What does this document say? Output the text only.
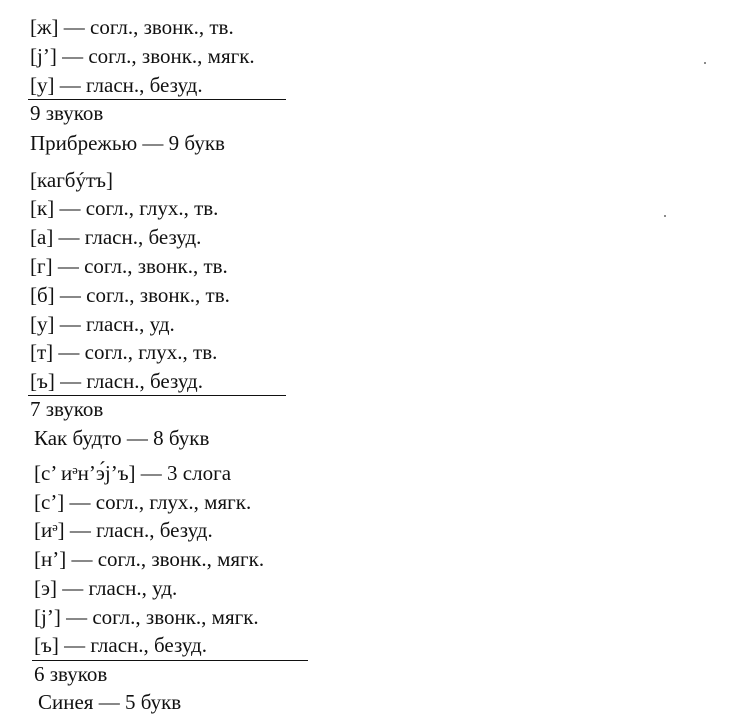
[ж] — согл., звонк., тв.
[j’] — согл., звонк., мягк.
[у] — гласн., безуд.
9 звуков
Прибрежью — 9 букв
[кагбýтъ]
[к] — согл., глух., тв.
[а] — гласн., безуд.
[г] — согл., звонк., тв.
[б] — согл., звонк., тв.
[у] — гласн., уд.
[т] — согл., глух., тв.
[ъ] — гласн., безуд.
7 звуков
Как будто — 8 букв
[с’ иᵊн’э́j’ъ] — 3 слога
[с’] — согл., глух., мягк.
[иᵊ] — гласн., безуд.
[н’] — согл., звонк., мягк.
[э] — гласн., уд.
[j’] — согл., звонк., мягк.
[ъ] — гласн., безуд.
6 звуков
Синея — 5 букв
